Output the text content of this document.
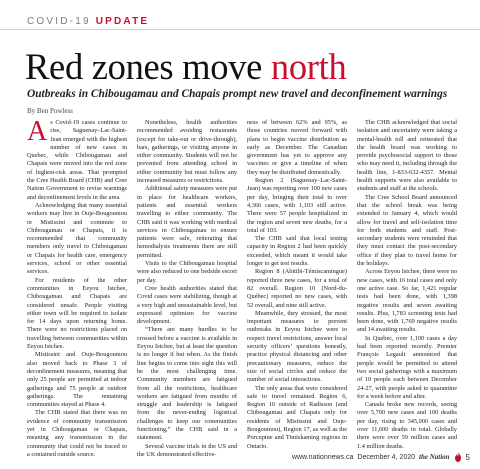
COVID-19 UPDATE
Red zones move north
Outbreaks in Chibougamau and Chapais prompt new travel and deconfinement warnings
By Ben Powless

As Covid-19 cases continue to rise, Saguenay–Lac-Saint-Jean emerged with the highest number of new cases in Quebec, while Chibougamau and Chapais were moved into the red zone of highest-risk areas. That prompted the Cree Health Board (CHB) and Cree Nation Government to revise warnings and deconfinement levels in the area.

Acknowledging that many essential workers may live in Ouje-Bougoumou or Mistissini and commute to Chibougamau or Chapais, it is recommended that community members only travel to Chibougamau or Chapais for health care, emergency services, school or other essential services.

For residents of the other communities in Eeyou Istchee, Chibougamau and Chapais are considered unsafe. People visiting either town will be required to isolate for 14 days upon returning home. There were no restrictions placed on travelling between communities within Eeyou Istchee.

Mistissini and Ouje-Bougoumou also moved back to Phase 3 of deconfinement measures, meaning that only 25 people are permitted at indoor gatherings and 75 people at outdoor gatherings. The remaining communities stayed at Phase 4.

The CHB stated that there was no evidence of community transmission yet in Chibougamau or Chapais, meaning any transmission in the community that could not be traced to a contained outside source.

Nonetheless, health authorities recommended avoiding restaurants (except for take-out or drive-through), bars, gatherings, or visiting anyone in either community. Students will not be prevented from attending school in either community but must follow any increased measures or restrictions.

Additional safety measures were put in place for healthcare workers, patients and essential workers travelling to either community. The CHB said it was working with medical services in Chibougamau to ensure patients were safe, reiterating that hemodialysis treatments there are still permitted.

Visits to the Chibougamau hospital were also reduced to one bedside escort per day.

Cree health authorities stated that Covid cases were stabilizing, though at a very high and unsustainable level, but expressed optimism for vaccine development.

“There are many hurdles to be crossed before a vaccine is available in Eeyou Istchee, but at least the question is no longer if but when. As the finish line begins to come into sight this will be the most challenging time. Community members are fatigued from all the restrictions, healthcare workers are fatigued from months of struggle and leadership is fatigued from the never-ending logistical challenges to keep our communities functioning,” the CHB said in a statement.

Several vaccine trials in the US and the UK demonstrated effective-

ness of between 62% and 95%, as those countries moved forward with plans to begin vaccine distribution as early as December. The Canadian government has yet to approve any vaccines or give a timeline of when they may be distributed domestically.

Region 2 (Saguenay–Lac-Saint-Jean) was reporting over 100 new cases per day, bringing their total to over 4,366 cases, with 1,103 still active. There were 57 people hospitalized in the region and seven new deaths, for a total of 103.

The CHB said that local testing capacity in Region 2 had been quickly exceeded, which meant it would take longer to get test results.

Region 8 (Abitibi-Témiscamingue) reported three new cases, for a total of 82 overall. Region 10 (Nord-du-Québec) reported no new cases, with 52 overall, and nine still active.

Meanwhile, they stressed, the most important measures to prevent outbreaks in Eeyou Istchee were to respect travel restrictions, answer local security officers’ questions honestly, practice physical distancing and other precautionary measures, reduce the size of social circles and reduce the number of social interactions.

The only areas that were considered safe to travel remained Region 6, Region 10 outside of Radisson (and Chibougamau and Chapais only for residents of Mistissini and Ouje-Bougoumou), Region 17, as well as the Porcupine and Timiskaming regions in Ontario.

The CHB acknowledged that social isolation and uncertainty were taking a mental-health toll and reiterated that the health board was working to provide psychosocial support to those who may need it, including through the health line, 1-833-632-4357. Mental health supports were also available to students and staff at the schools.

The Cree School Board announced that the school break was being extended to January 4, which would allow for travel and self-isolation time for both students and staff. Post-secondary students were reminded that they must contact the post-secondary office if they plan to travel home for the holidays.

Across Eeyou Istchee, there were no new cases, with 16 total cases and only one active case. So far, 1,421 regular tests had been done, with 1,398 negative results and seven awaiting results. Plus, 1,783 screening tests had been done, with 1,769 negative results and 14 awaiting results.

In Quebec, over 1,100 cases a day had been reported recently. Premier François Legault announced that people would be permitted to attend two social gatherings with a maximum of 10 people each between December 24-27, with people asked to quarantine for a week before and after.

Canada broke new records, seeing over 5,700 new cases and 100 deaths per day, rising to 345,000 cases and over 11,600 deaths in total. Globally there were over 59 million cases and 1.4 million deaths.

www.nationnews.ca December 4, 2020 the Nation 5
